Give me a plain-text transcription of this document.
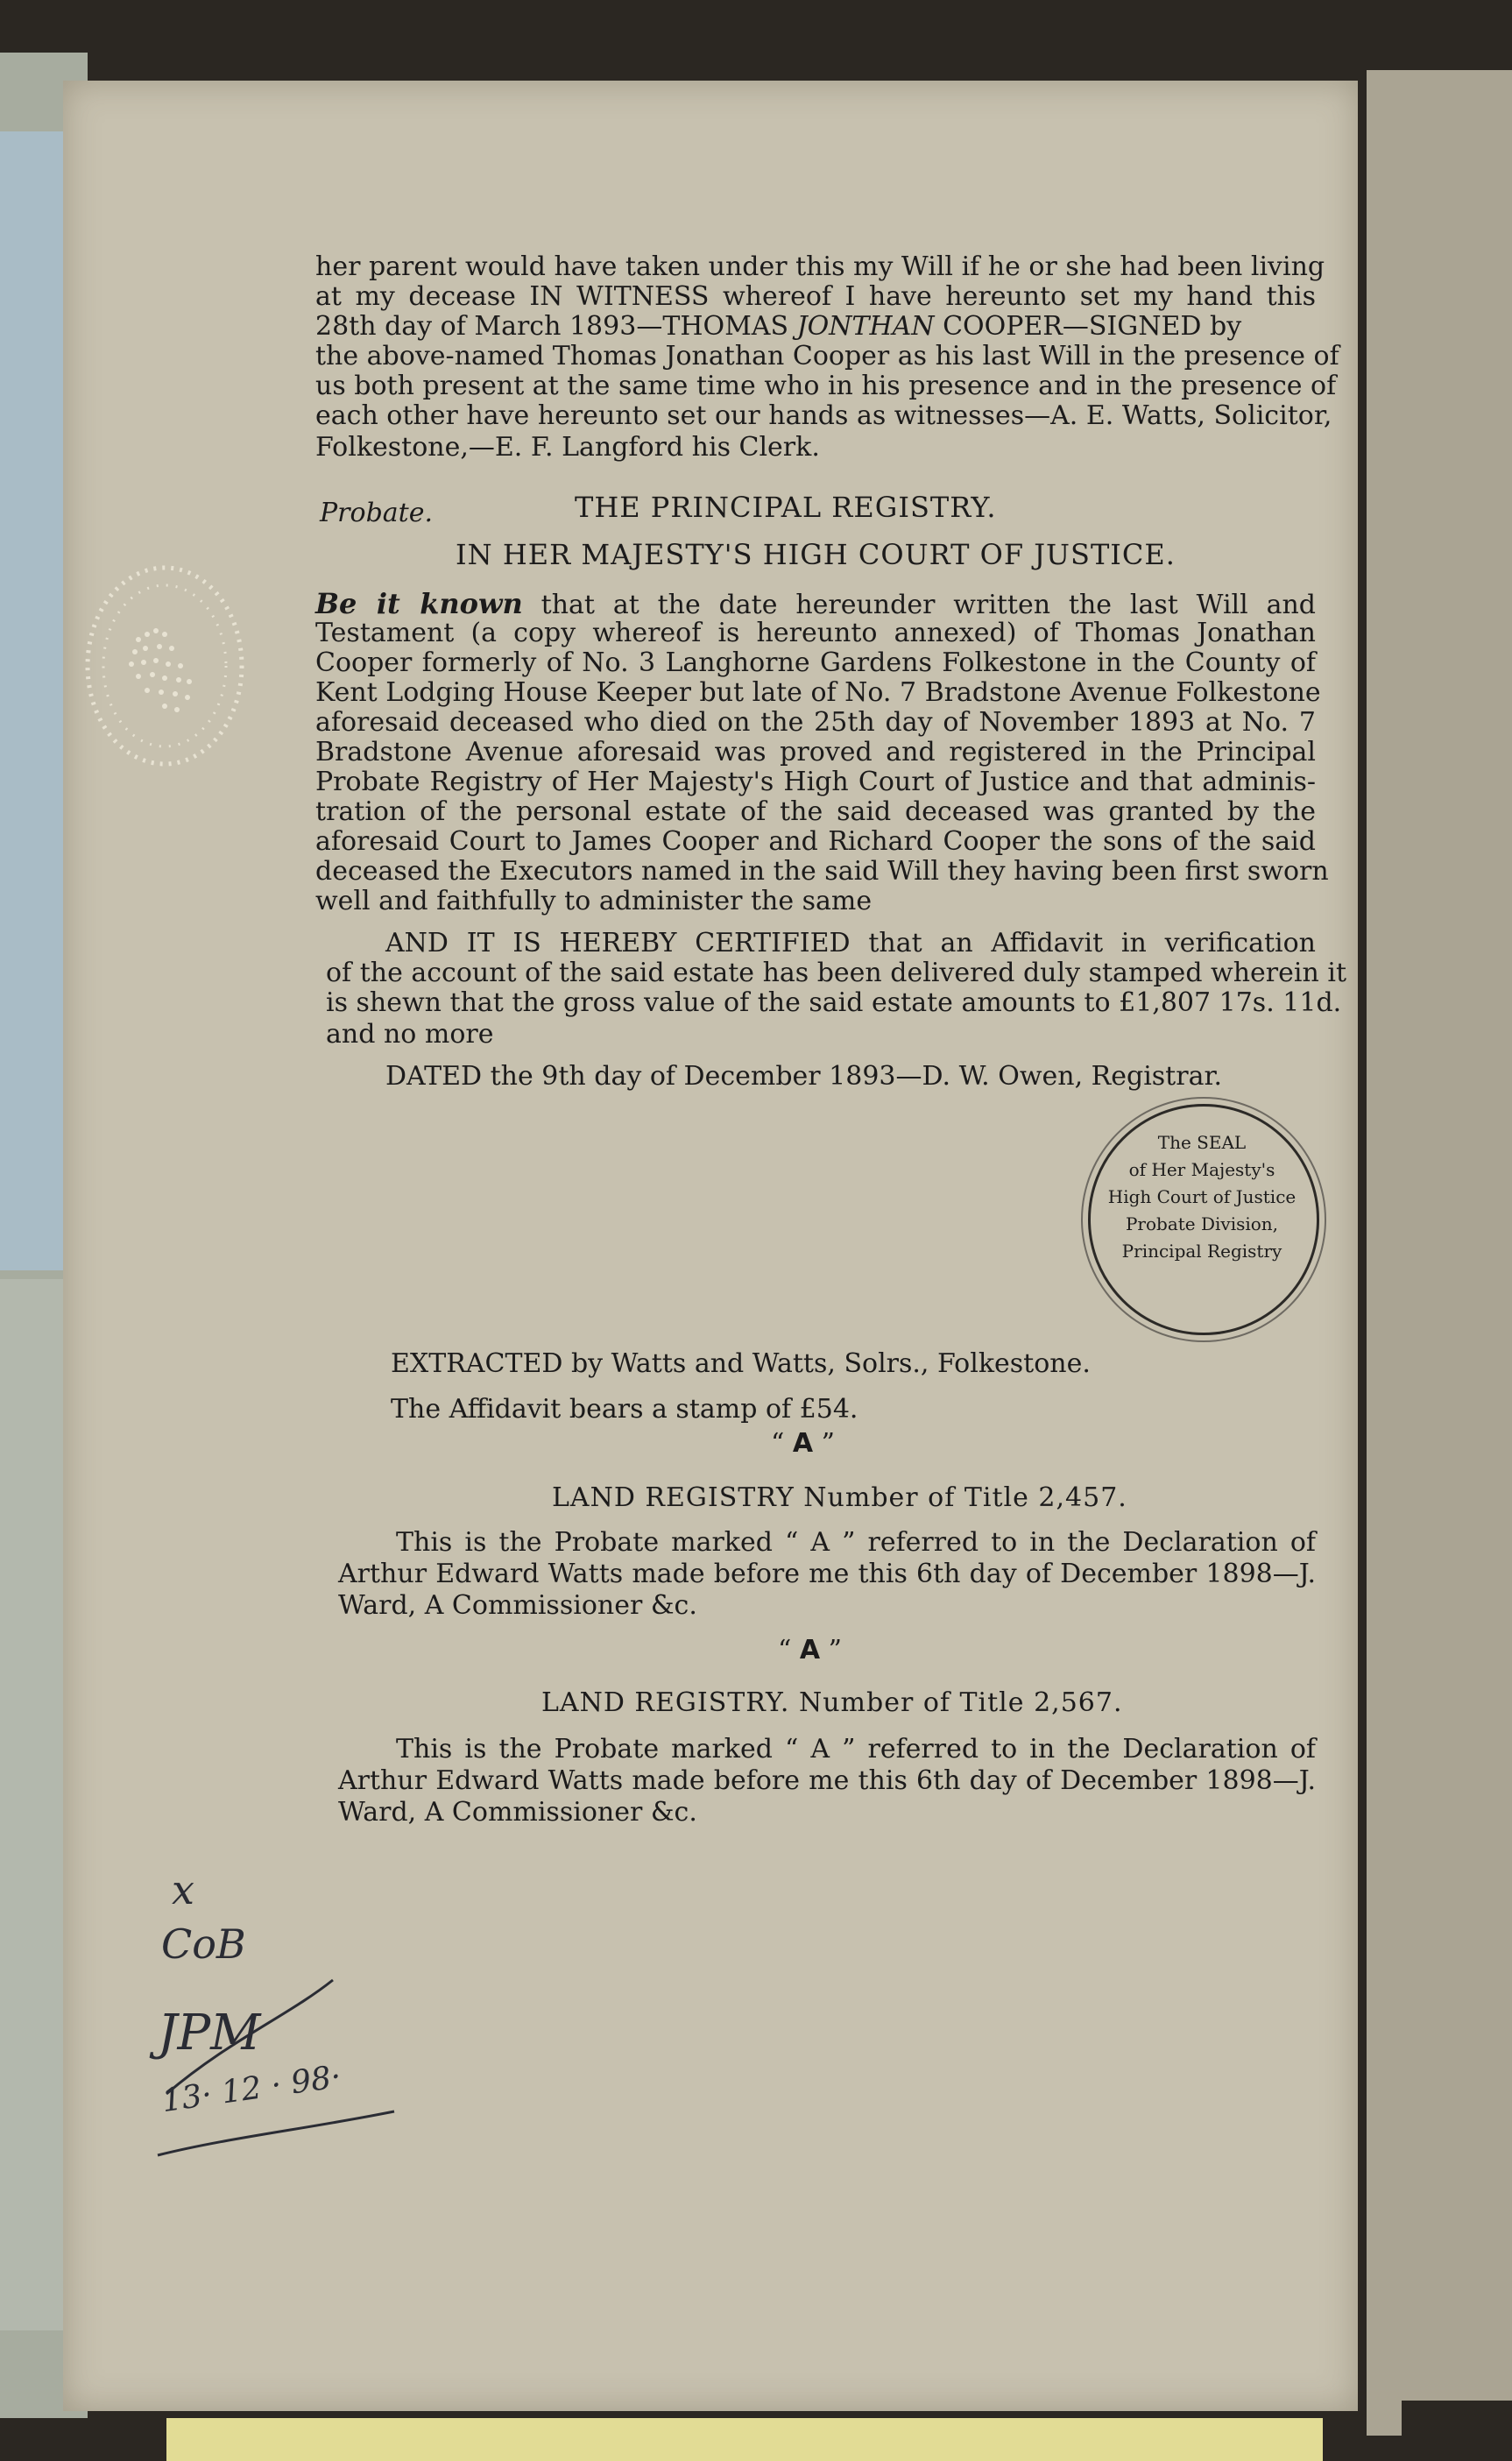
her parent would have taken under this my Will if he or she had been living
at my decease IN WITNESS whereof I have hereunto set my hand this
28th day of March 1893—THOMAS JONTHAN COOPER—SIGNED by
the above-named Thomas Jonathan Cooper as his last Will in the presence of
us both present at the same time who in his presence and in the presence of
each other have hereunto set our hands as witnesses—A. E. Watts, Solicitor,
Folkestone,—E. F. Langford his Clerk.
Probate.	THE PRINCIPAL REGISTRY.
IN HER MAJESTY'S HIGH COURT OF JUSTICE.
Be it known that at the date hereunder written the last Will and
Testament (a copy whereof is hereunto annexed) of Thomas Jonathan
Cooper formerly of No. 3 Langhorne Gardens Folkestone in the County of
Kent Lodging House Keeper but late of No. 7 Bradstone Avenue Folkestone
aforesaid deceased who died on the 25th day of November 1893 at No. 7
Bradstone Avenue aforesaid was proved and registered in the Principal
Probate Registry of Her Majesty's High Court of Justice and that adminis-
tration of the personal estate of the said deceased was granted by the
aforesaid Court to James Cooper and Richard Cooper the sons of the said
deceased the Executors named in the said Will they having been first sworn
well and faithfully to administer the same
AND IT IS HEREBY CERTIFIED that an Affidavit in verification
of the account of the said estate has been delivered duly stamped wherein it
is shewn that the gross value of the said estate amounts to £1,807 17s. 11d.
and no more
DATED the 9th day of December 1893—D. W. Owen, Registrar.
The SEAL
of Her Majesty's
High Court of Justice
Probate Division,
Principal Registry
EXTRACTED by Watts and Watts, Solrs., Folkestone.
The Affidavit bears a stamp of £54.
“ A ”
LAND REGISTRY Number of Title 2,457.
This is the Probate marked “ A ” referred to in the Declaration of
Arthur Edward Watts made before me this 6th day of December 1898—J.
Ward, A Commissioner &c.
“ A ”
LAND REGISTRY. Number of Title 2,567.
This is the Probate marked “ A ” referred to in the Declaration of
Arthur Edward Watts made before me this 6th day of December 1898—J.
Ward, A Commissioner &c.
x
CoB
JPM
13· 12 · 98·
